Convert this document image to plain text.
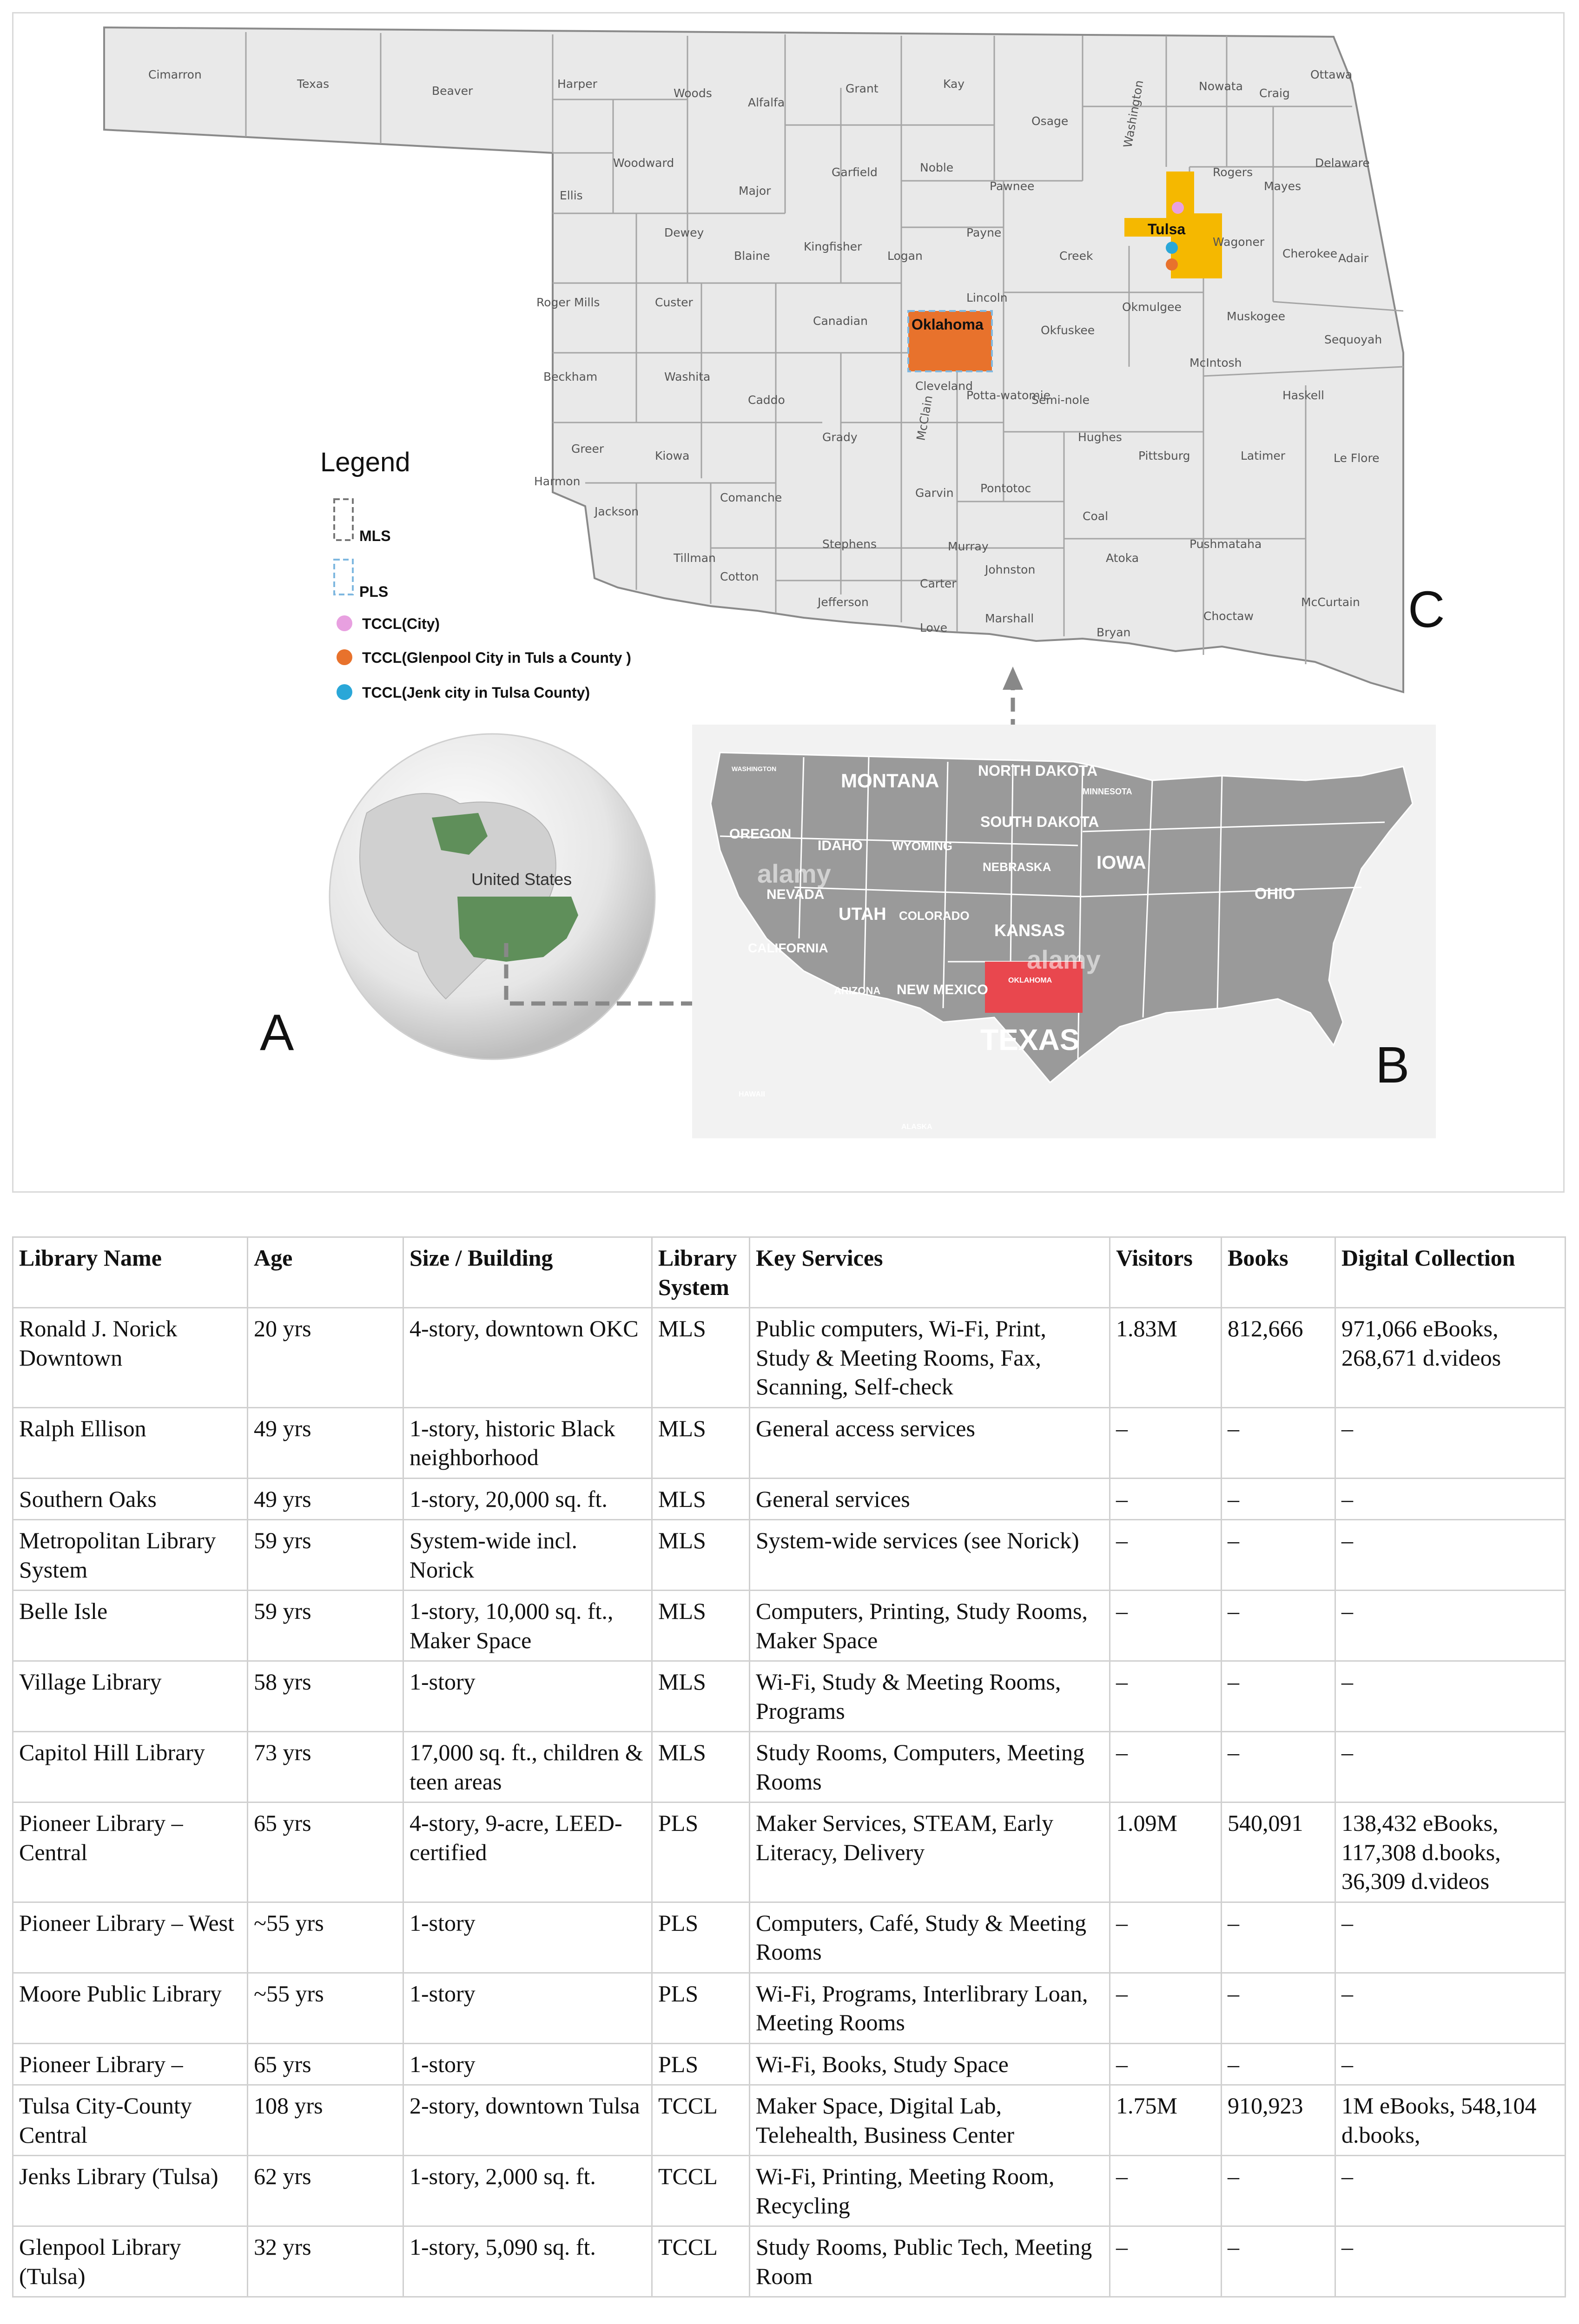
Oklahoma
Tulsa
Cimarron
Texas
Beaver
Harper
Woods
Alfalfa
Grant	Kay
Osage	Washington	Nowata
Craig
Ottawa
Woodward
Ellis	Major
Garfield	Noble
Pawnee
Rogers
Mayes
Delaware
Dewey
Blaine
Kingfisher
Logan
Payne
Creek
Wagoner
Cherokee Adair
Roger Mills	Custer
Canadian
Lincoln
Okfuskee
Okmulgee
Muskogee
Sequoyah
Beckham	Washita
Caddo
Cleveland
Potta-watomie
Semi-nole
McIntosh
Haskell
Greer
Kiowa
Grady	McClain	Hughes
Pittsburg	Latimer	Le Flore
Harmon
Jackson
Comanche	Garvin Pontotoc
Coal
Tillman
Stephens	Murray
Atoka
Pushmataha
Cotton
Carter
Johnston
Jefferson
Love
Marshall
Bryan
Choctaw
McCurtain C
Legend
MLS
PLS
TCCL(City)
TCCL(Glenpool City in Tuls a County )
TCCL(Jenk city in Tulsa County)
United States
A
OKLAHOMA
MONTANA	NORTH DAKOTA
SOUTH DAKOTA
OREGON
IDAHO WYOMING
NEBRASKA IOWA
NEVADA
UTAH COLORADO
KANSAS
CALIFORNIA
ARIZONA NEW MEXICO
TEXAS
OHIO
WASHINGTON
MINNESOTA
ALASKA
HAWAII
alamy
alamy
B
Library Name	Age	Size / Building	Library System	Key Services	Visitors	Books	Digital Collection
Ronald J. Norick Downtown	20 yrs	4-story, downtown OKC	MLS	Public computers, Wi-Fi, Print, Study & Meeting Rooms, Fax, Scanning, Self-check	1.83M	812,666	971,066 eBooks, 268,671 d.videos
Ralph Ellison	49 yrs	1-story, historic Black neighborhood	MLS	General access services	–	–	–
Southern Oaks	49 yrs	1-story, 20,000 sq. ft.	MLS	General services	–	–	–
Metropolitan Library System	59 yrs	System-wide incl. Norick	MLS	System-wide services (see Norick)	–	–	–
Belle Isle	59 yrs	1-story, 10,000 sq. ft., Maker Space	MLS	Computers, Printing, Study Rooms, Maker Space	–	–	–
Village Library	58 yrs	1-story	MLS	Wi-Fi, Study & Meeting Rooms, Programs	–	–	–
Capitol Hill Library	73 yrs	17,000 sq. ft., children & teen areas	MLS	Study Rooms, Computers, Meeting Rooms	–	–	–
Pioneer Library – Central	65 yrs	4-story, 9-acre, LEED-certified	PLS	Maker Services, STEAM, Early Literacy, Delivery	1.09M	540,091	138,432 eBooks, 117,308 d.books, 36,309 d.videos
Pioneer Library – West	~55 yrs	1-story	PLS	Computers, Café, Study & Meeting Rooms	–	–	–
Moore Public Library	~55 yrs	1-story	PLS	Wi-Fi, Programs, Interlibrary Loan, Meeting Rooms	–	–	–
Pioneer Library –	65 yrs	1-story	PLS	Wi-Fi, Books, Study Space	–	–	–
Tulsa City-County Central	108 yrs	2-story, downtown Tulsa	TCCL	Maker Space, Digital Lab, Telehealth, Business Center	1.75M	910,923	1M eBooks, 548,104 d.books,
Jenks Library (Tulsa)	62 yrs	1-story, 2,000 sq. ft.	TCCL	Wi-Fi, Printing, Meeting Room, Recycling	–	–	–
Glenpool Library (Tulsa)	32 yrs	1-story, 5,090 sq. ft.	TCCL	Study Rooms, Public Tech, Meeting Room	–	–	–
